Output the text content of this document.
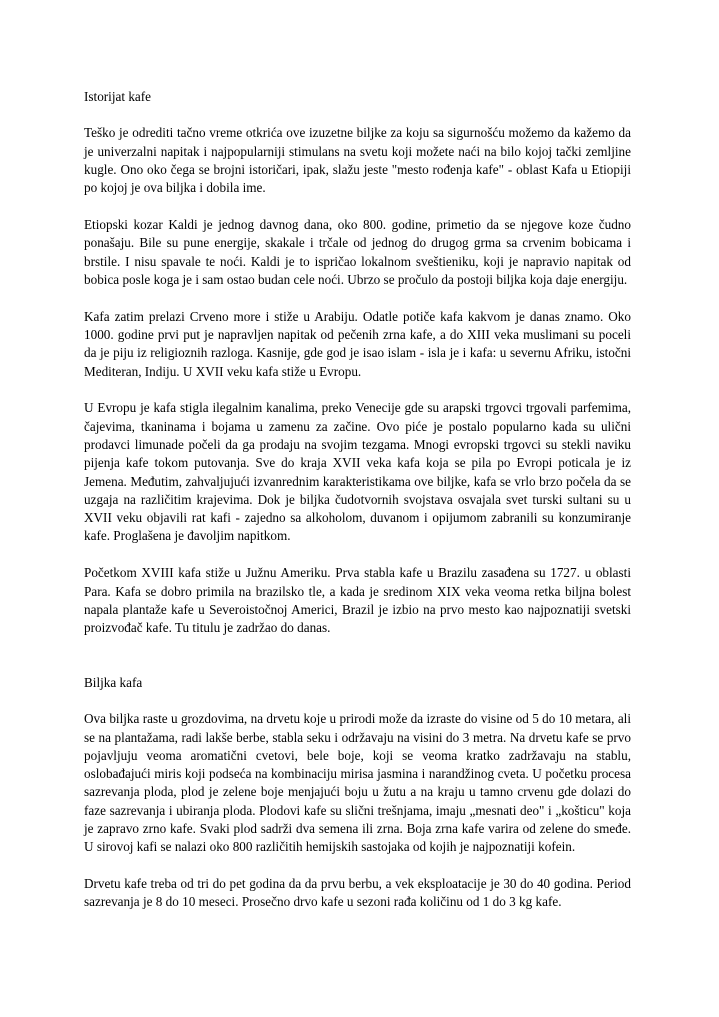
Istorijat kafe

Teško je odrediti tačno vreme otkrića ove izuzetne biljke za koju sa sigurnošću možemo da kažemo da je univerzalni napitak i najpopularniji stimulans na svetu koji možete naći na bilo kojoj tački zemljine kugle. Ono oko čega se brojni istoričari, ipak, slažu jeste "mesto rođenja kafe" - oblast Kafa u Etiopiji po kojoj je ova biljka i dobila ime.

Etiopski kozar Kaldi je jednog davnog dana, oko 800. godine, primetio da se njegove koze čudno ponašaju. Bile su pune energije, skakale i trčale od jednog do drugog grma sa crvenim bobicama i brstile. I nisu spavale te noći. Kaldi je to ispričao lokalnom sveštieniku, koji je napravio napitak od bobica posle koga je i sam ostao budan cele noći. Ubrzo se pročulo da postoji biljka koja daje energiju.

Kafa zatim prelazi Crveno more i stiže u Arabiju. Odatle potiče kafa kakvom je danas znamo. Oko 1000. godine prvi put je napravljen napitak od pečenih zrna kafe, a do XIII veka muslimani su poceli da je piju iz religioznih razloga. Kasnije, gde god je isao islam - isla je i kafa: u severnu Afriku, istočni Mediteran, Indiju. U XVII veku kafa stiže u Evropu.

U Evropu je kafa stigla ilegalnim kanalima, preko Venecije gde su arapski trgovci trgovali parfemima, čajevima, tkaninama i bojama u zamenu za začine. Ovo piće je postalo popularno kada su ulični prodavci limunade počeli da ga prodaju na svojim tezgama. Mnogi evropski trgovci su stekli naviku pijenja kafe tokom putovanja. Sve do kraja XVII veka kafa koja se pila po Evropi poticala je iz Jemena. Međutim, zahvaljujući izvanrednim karakteristikama ove biljke, kafa se vrlo brzo počela da se uzgaja na različitim krajevima. Dok je biljka čudotvornih svojstava osvajala svet turski sultani su u XVII veku objavili rat kafi - zajedno sa alkoholom, duvanom i opijumom zabranili su konzumiranje kafe. Proglašena je đavoljim napitkom.

Početkom XVIII kafa stiže u Južnu Ameriku. Prva stabla kafe u Brazilu zasađena su 1727. u oblasti Para. Kafa se dobro primila na brazilsko tle, a kada je sredinom XIX veka veoma retka biljna bolest napala plantaže kafe u Severoistočnoj Americi, Brazil je izbio na prvo mesto kao najpoznatiji svetski proizvođač kafe. Tu titulu je zadržao do danas.

Biljka kafa

Ova biljka raste u grozdovima, na drvetu koje u prirodi može da izraste do visine od 5 do 10 metara, ali se na plantažama, radi lakše berbe, stabla seku i održavaju na visini do 3 metra. Na drvetu kafe se prvo pojavljuju veoma aromatični cvetovi, bele boje, koji se veoma kratko zadržavaju na stablu, oslobađajući miris koji podseća na kombinaciju mirisa jasmina i narandžinog cveta. U početku procesa sazrevanja ploda, plod je zelene boje menjajući boju u žutu a na kraju u tamno crvenu gde dolazi do faze sazrevanja i ubiranja ploda. Plodovi kafe su slični trešnjama, imaju „mesnati deo" i „košticu" koja je zapravo zrno kafe. Svaki plod sadrži dva semena ili zrna. Boja zrna kafe varira od zelene do smeđe. U sirovoj kafi se nalazi oko 800 različitih hemijskih sastojaka od kojih je najpoznatiji kofein.

Drvetu kafe treba od tri do pet godina da da prvu berbu, a vek eksploatacije je 30 do 40 godina. Period sazrevanja je 8 do 10 meseci. Prosečno drvo kafe u sezoni rađa količinu od 1 do 3 kg kafe.
